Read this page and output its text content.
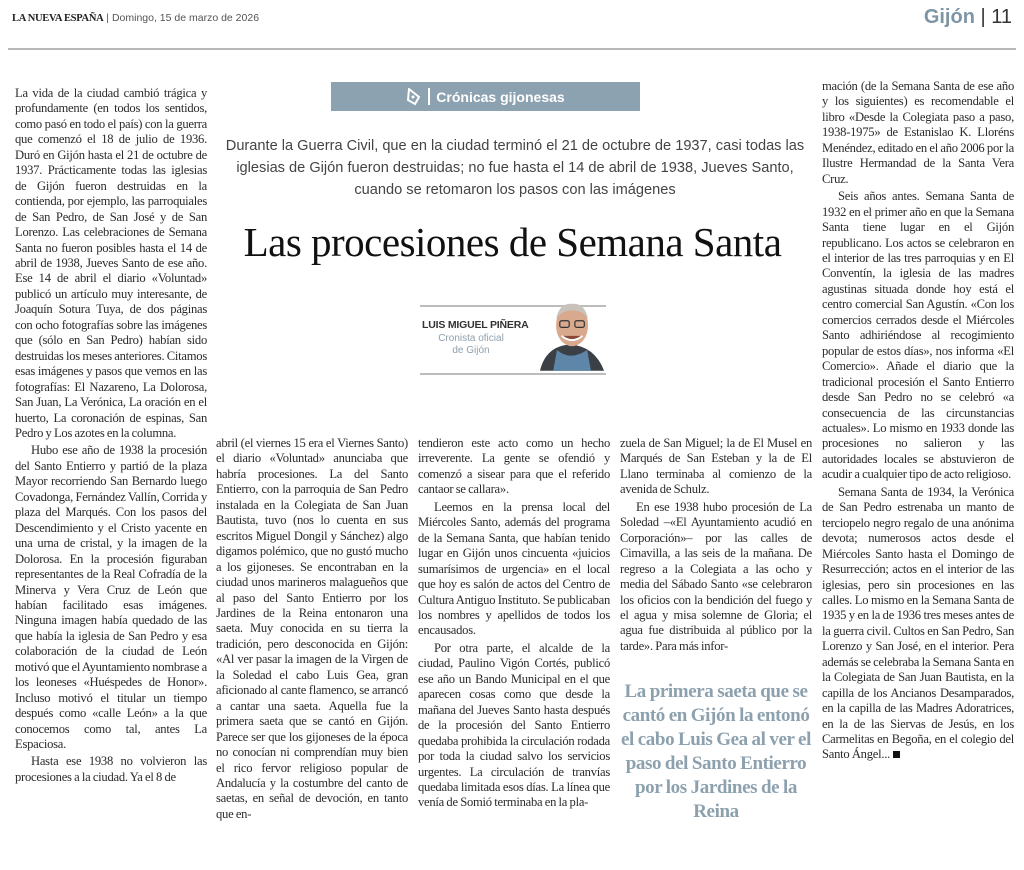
LA NUEVA ESPAÑA | Domingo, 15 de marzo de 2026	Gijón | 11
Crónicas gijonesas
Durante la Guerra Civil, que en la ciudad terminó el 21 de octubre de 1937, casi todas las iglesias de Gijón fueron destruidas; no fue hasta el 14 de abril de 1938, Jueves Santo, cuando se retomaron los pasos con las imágenes
Las procesiones de Semana Santa
LUIS MIGUEL PIÑERA
Cronista oficial de Gijón

La vida de la ciudad cambió trágica y profundamente (en todos los sentidos, como pasó en todo el país) con la guerra que comenzó el 18 de julio de 1936. Duró en Gijón hasta el 21 de octubre de 1937. Prácticamente todas las iglesias de Gijón fueron destruidas en la contienda, por ejemplo, las parroquiales de San Pedro, de San José y de San Lorenzo. Las celebraciones de Semana Santa no fueron posibles hasta el 14 de abril de 1938, Jueves Santo de ese año. Ese 14 de abril el diario «Voluntad» publicó un artículo muy interesante, de Joaquín Sotura Tuya, de dos páginas con ocho fotografías sobre las imágenes que (sólo en San Pedro) habían sido destruidas los meses anteriores. Citamos esas imágenes y pasos que vemos en las fotografías: El Nazareno, La Dolorosa, San Juan, La Verónica, La oración en el huerto, La coronación de espinas, San Pedro y Los azotes en la columna.

Hubo ese año de 1938 la procesión del Santo Entierro y partió de la plaza Mayor recorriendo San Bernardo luego Covadonga, Fernández Vallín, Corrida y plaza del Marqués. Con los pasos del Descendimiento y el Cristo yacente en una urna de cristal, y la imagen de la Dolorosa. En la procesión figuraban representantes de la Real Cofradía de la Minerva y Vera Cruz de León que habían facilitado esas imágenes. Ninguna imagen había quedado de las que había la iglesia de San Pedro y esa colaboración de la ciudad de León motivó que el Ayuntamiento nombrase a los leoneses «Huéspedes de Honor». Incluso motivó el titular un tiempo después como «calle León» a la que conocemos como tal, antes La Espaciosa.

Hasta ese 1938 no volvieron las procesiones a la ciudad. Ya el 8 de

abril (el viernes 15 era el Viernes Santo) el diario «Voluntad» anunciaba que habría procesiones. La del Santo Entierro, con la parroquia de San Pedro instalada en la Colegiata de San Juan Bautista, tuvo (nos lo cuenta en sus escritos Miguel Dongil y Sánchez) algo digamos polémico, que no gustó mucho a los gijoneses. Se encontraban en la ciudad unos marineros malagueños que al paso del Santo Entierro por los Jardines de la Reina entonaron una saeta. Muy conocida en su tierra la tradición, pero desconocida en Gijón: «Al ver pasar la imagen de la Virgen de la Soledad el cabo Luis Gea, gran aficionado al cante flamenco, se arrancó a cantar una saeta. Aquella fue la primera saeta que se cantó en Gijón. Parece ser que los gijoneses de la época no conocían ni comprendían muy bien el rico fervor religioso popular de Andalucía y la costumbre del canto de saetas, en señal de devoción, en tanto que en-

tendieron este acto como un hecho irreverente. La gente se ofendió y comenzó a sisear para que el referido cantaor se callara».

Leemos en la prensa local del Miércoles Santo, además del programa de la Semana Santa, que habían tenido lugar en Gijón unos cincuenta «juicios sumarísimos de urgencia» en el local que hoy es salón de actos del Centro de Cultura Antiguo Instituto. Se publicaban los nombres y apellidos de todos los encausados.

Por otra parte, el alcalde de la ciudad, Paulino Vigón Cortés, publicó ese año un Bando Municipal en el que aparecen cosas como que desde la mañana del Jueves Santo hasta después de la procesión del Santo Entierro quedaba prohibida la circulación rodada por toda la ciudad salvo los servicios urgentes. La circulación de tranvías quedaba limitada esos días. La línea que venía de Somió terminaba en la pla-

zuela de San Miguel; la de El Musel en Marqués de San Esteban y la de El Llano terminaba al comienzo de la avenida de Schulz.

En ese 1938 hubo procesión de La Soledad –«El Ayuntamiento acudió en Corporación»– por las calles de Cimavilla, a las seis de la mañana. De regreso a la Colegiata a las ocho y media del Sábado Santo «se celebraron los oficios con la bendición del fuego y el agua y misa solemne de Gloria; el agua fue distribuida al público por la tarde». Para más infor-

La primera saeta que se cantó en Gijón la entonó el cabo Luis Gea al ver el paso del Santo Entierro por los Jardines de la Reina

mación (de la Semana Santa de ese año y los siguientes) es recomendable el libro «Desde la Colegiata paso a paso, 1938-1975» de Estanislao K. Lloréns Menéndez, editado en el año 2006 por la Ilustre Hermandad de la Santa Vera Cruz.

Seis años antes. Semana Santa de 1932 en el primer año en que la Semana Santa tiene lugar en el Gijón republicano. Los actos se celebraron en el interior de las tres parroquias y en El Conventín, la iglesia de las madres agustinas situada donde hoy está el centro comercial San Agustín. «Con los comercios cerrados desde el Miércoles Santo adhiriéndose al recogimiento popular de estos días», nos informa «El Comercio». Añade el diario que la tradicional procesión el Santo Entierro desde San Pedro no se celebró «a consecuencia de las circunstancias actuales». Lo mismo en 1933 donde las procesiones no salieron y las autoridades locales se abstuvieron de acudir a cualquier tipo de acto religioso.

Semana Santa de 1934, la Verónica de San Pedro estrenaba un manto de terciopelo negro regalo de una anónima devota; numerosos actos desde el Miércoles Santo hasta el Domingo de Resurrección; actos en el interior de las iglesias, pero sin procesiones en las calles. Lo mismo en la Semana Santa de 1935 y en la de 1936 tres meses antes de la guerra civil. Cultos en San Pedro, San Lorenzo y San José, en el interior. Pera además se celebraba la Semana Santa en la Colegiata de San Juan Bautista, en la capilla de los Ancianos Desamparados, en la capilla de las Madres Adoratrices, en la de las Siervas de Jesús, en los Carmelitas en Begoña, en el colegio del Santo Ángel...
